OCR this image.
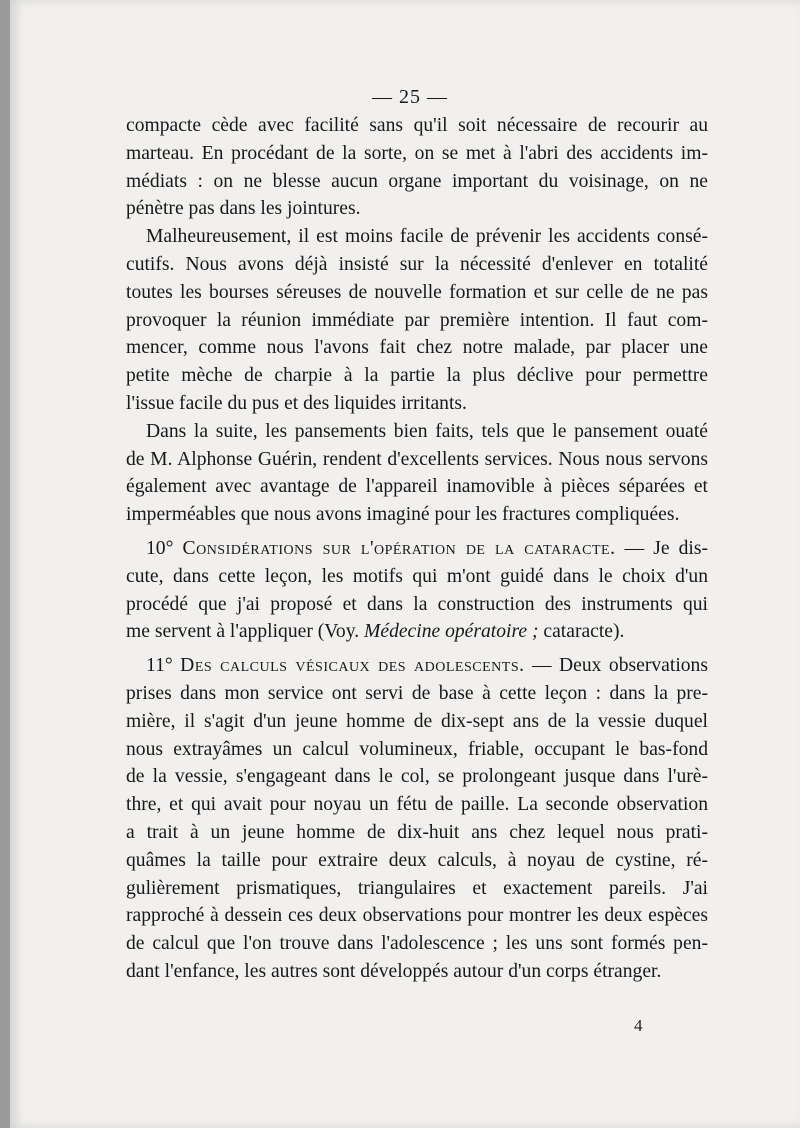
— 25 —
compacte cède avec facilité sans qu'il soit nécessaire de recourir au
marteau. En procédant de la sorte, on se met à l'abri des accidents im-
médiats : on ne blesse aucun organe important du voisinage, on ne
pénètre pas dans les jointures.
Malheureusement, il est moins facile de prévenir les accidents consé-
cutifs. Nous avons déjà insisté sur la nécessité d'enlever en totalité
toutes les bourses séreuses de nouvelle formation et sur celle de ne pas
provoquer la réunion immédiate par première intention. Il faut com-
mencer, comme nous l'avons fait chez notre malade, par placer une
petite mèche de charpie à la partie la plus déclive pour permettre
l'issue facile du pus et des liquides irritants.
Dans la suite, les pansements bien faits, tels que le pansement ouaté
de M. Alphonse Guérin, rendent d'excellents services. Nous nous servons
également avec avantage de l'appareil inamovible à pièces séparées et
imperméables que nous avons imaginé pour les fractures compliquées.
10° Considérations sur l'opération de la cataracte. — Je dis-
cute, dans cette leçon, les motifs qui m'ont guidé dans le choix d'un
procédé que j'ai proposé et dans la construction des instruments qui
me servent à l'appliquer (Voy. Médecine opératoire ; cataracte).
11° Des calculs vésicaux des adolescents. — Deux observations
prises dans mon service ont servi de base à cette leçon : dans la pre-
mière, il s'agit d'un jeune homme de dix-sept ans de la vessie duquel
nous extrayâmes un calcul volumineux, friable, occupant le bas-fond
de la vessie, s'engageant dans le col, se prolongeant jusque dans l'urè-
thre, et qui avait pour noyau un fétu de paille. La seconde observation
a trait à un jeune homme de dix-huit ans chez lequel nous prati-
quâmes la taille pour extraire deux calculs, à noyau de cystine, ré-
gulièrement prismatiques, triangulaires et exactement pareils. J'ai
rapproché à dessein ces deux observations pour montrer les deux espèces
de calcul que l'on trouve dans l'adolescence ; les uns sont formés pen-
dant l'enfance, les autres sont développés autour d'un corps étranger.
4
